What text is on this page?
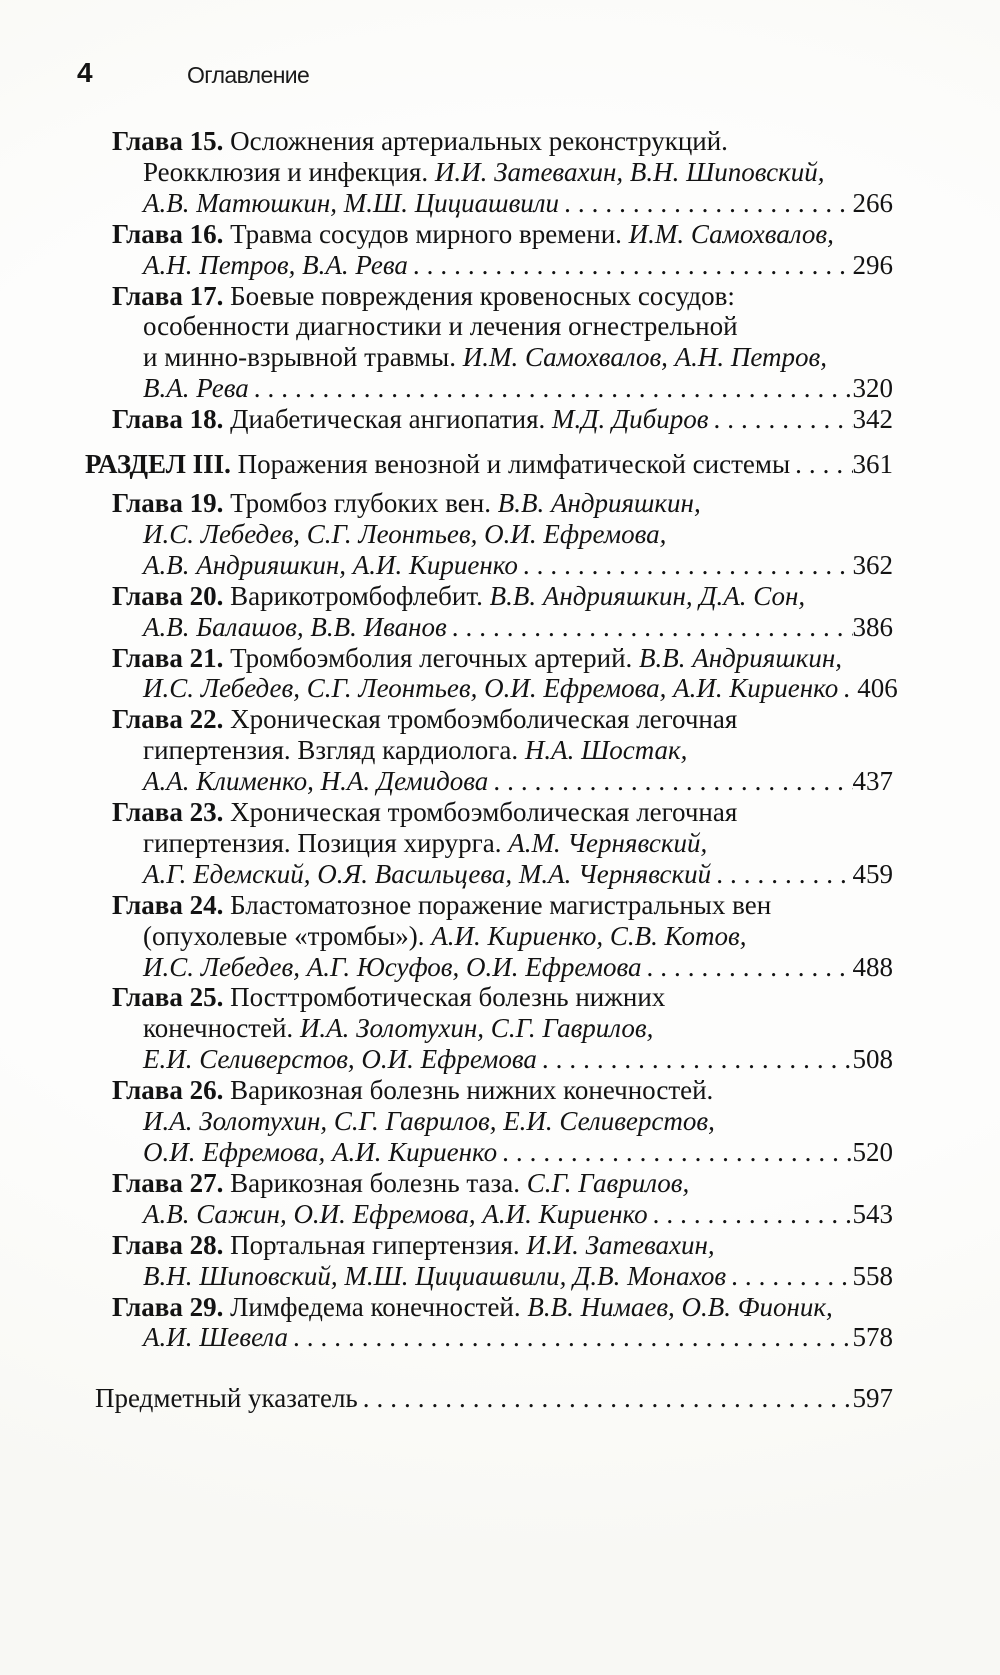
4	Оглавление
Глава 15. Осложнения артериальных реконструкций.
Реокклюзия и инфекция. И.И. Затевахин, В.Н. Шиповский,
А.В. Матюшкин, М.Ш. Цициашвили .....	266
Глава 16. Травма сосудов мирного времени. И.М. Самохвалов,
А.Н. Петров, В.А. Рева .....	296
Глава 17. Боевые повреждения кровеносных сосудов:
особенности диагностики и лечения огнестрельной
и минно-взрывной травмы. И.М. Самохвалов, А.Н. Петров,
В.А. Рева .....	320
Глава 18. Диабетическая ангиопатия. М.Д. Дибиров .....	342
РАЗДЕЛ III. Поражения венозной и лимфатической системы ..... 361
Глава 19. Тромбоз глубоких вен. В.В. Андрияшкин,
И.С. Лебедев, С.Г. Леонтьев, О.И. Ефремова,
А.В. Андрияшкин, А.И. Кириенко .....	362
Глава 20. Варикотромбофлебит. В.В. Андрияшкин, Д.А. Сон,
А.В. Балашов, В.В. Иванов .....	386
Глава 21. Тромбоэмболия легочных артерий. В.В. Андрияшкин,
И.С. Лебедев, С.Г. Леонтьев, О.И. Ефремова, А.И. Кириенко ..... 406
Глава 22. Хроническая тромбоэмболическая легочная
гипертензия. Взгляд кардиолога. Н.А. Шостак,
А.А. Клименко, Н.А. Демидова .....	437
Глава 23. Хроническая тромбоэмболическая легочная
гипертензия. Позиция хирурга. А.М. Чернявский,
А.Г. Едемский, О.Я. Васильцева, М.А. Чернявский .....	459
Глава 24. Бластоматозное поражение магистральных вен
(опухолевые «тромбы»). А.И. Кириенко, С.В. Котов,
И.С. Лебедев, А.Г. Юсуфов, О.И. Ефремова .....	488
Глава 25. Посттромботическая болезнь нижних
конечностей. И.А. Золотухин, С.Г. Гаврилов,
Е.И. Селиверстов, О.И. Ефремова .....	508
Глава 26. Варикозная болезнь нижних конечностей.
И.А. Золотухин, С.Г. Гаврилов, Е.И. Селиверстов,
О.И. Ефремова, А.И. Кириенко .....	520
Глава 27. Варикозная болезнь таза. С.Г. Гаврилов,
А.В. Сажин, О.И. Ефремова, А.И. Кириенко .....	543
Глава 28. Портальная гипертензия. И.И. Затевахин,
В.Н. Шиповский, М.Ш. Цициашвили, Д.В. Монахов .....	558
Глава 29. Лимфедема конечностей. В.В. Нимаев, О.В. Фионик,
А.И. Шевела .....	578
Предметный указатель .....	597
